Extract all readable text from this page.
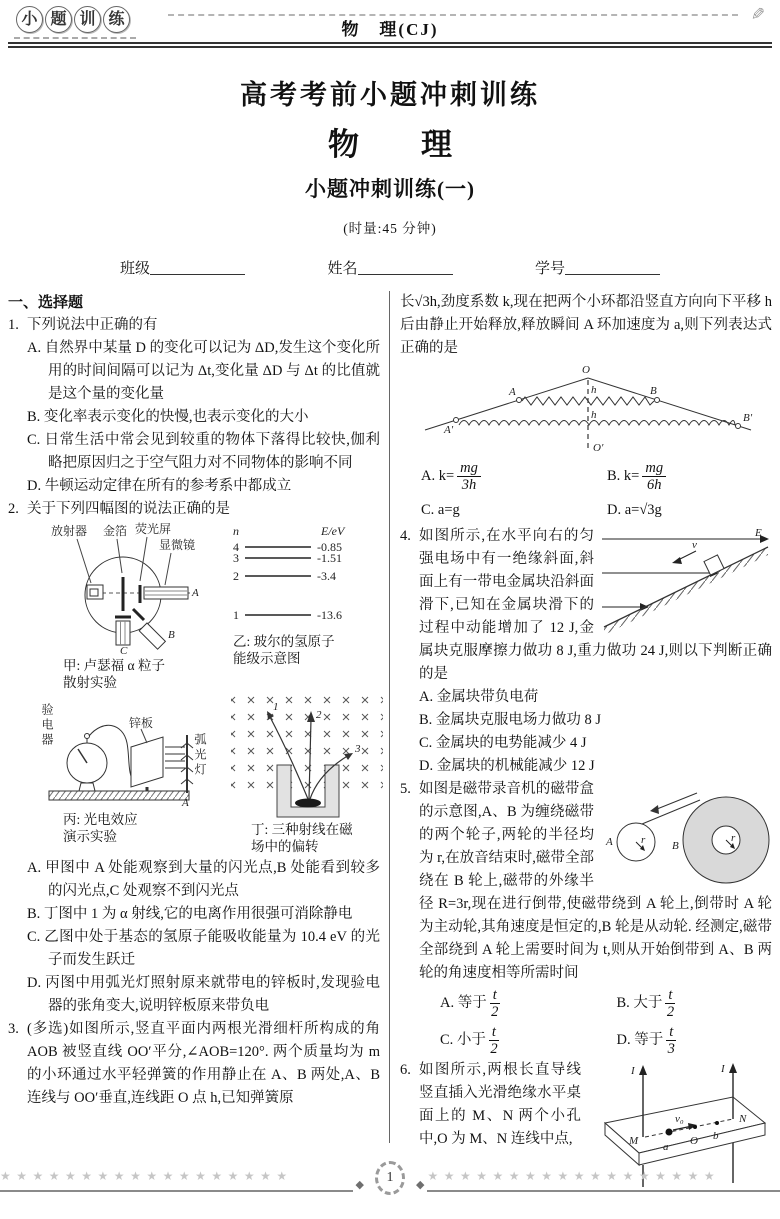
小 题 训 练	✎
物　理(CJ)
高考考前小题冲刺训练
物　　理
小题冲刺训练(一)
(时量:45 分钟)
班级	姓名	学号
一、选择题
1. 下列说法中正确的有
A. 自然界中某量 D 的变化可以记为 ΔD,发生这个变化所用的时间间隔可以记为 Δt,变化量 ΔD 与 Δt 的比值就是这个量的变化量
B. 变化率表示变化的快慢,也表示变化的大小
C. 日常生活中常会见到较重的物体下落得比较快,伽利略把原因归之于空气阻力对不同物体的影响不同
D. 牛顿运动定律在所有的参考系中都成立
2. 关于下列四幅图的说法正确的是
放射器 金箔 荧光屏
显微镜
A
B
C
甲: 卢瑟福 α 粒子
散射实验
n	E/eV
4
3
2
1
-0.85
-1.51
-3.4
-13.6
乙: 玻尔的氢原子
能级示意图
验电器	锌板
弧光灯
A
丙: 光电效应
演示实验
1
2
3
丁: 三种射线在磁
场中的偏转
A. 甲图中 A 处能观察到大量的闪光点,B 处能看到较多的闪光点,C 处观察不到闪光点
B. 丁图中 1 为 α 射线,它的电离作用很强可消除静电
C. 乙图中处于基态的氢原子能吸收能量为 10.4 eV 的光子而发生跃迁
D. 丙图中用弧光灯照射原来就带电的锌板时,发现验电器的张角变大,说明锌板原来带负电
3. (多选)如图所示,竖直平面内两根光滑细杆所构成的角 AOB 被竖直线 OO′平分,∠AOB=120°. 两个质量均为 m 的小环通过水平轻弹簧的作用静止在 A、B 两处,A、B 连线与 OO′垂直,连线距 O 点 h,已知弹簧原
长√3h,劲度系数 k,现在把两个小环都沿竖直方向向下平移 h 后由静止开始释放,释放瞬间 A 环加速度为 a,则下列表达式正确的是
O
A	B
A′
B′
h
h
O′
A. $k= \frac{mg}{3h}$	B. $k= \frac{mg}{6h}$
C. a=g	D. a=√3g
4.
v
E
如图所示,在水平向右的匀强电场中有一绝缘斜面,斜面上有一带电金属块沿斜面滑下,已知在金属块滑下的过程中动能增加了 12 J,金属块克服摩擦力做功 8 J,重力做功 24 J,则以下判断正确的是
A. 金属块带负电荷
B. 金属块克服电场力做功 8 J
C. 金属块的电势能减少 4 J
D. 金属块的机械能减少 12 J
5.
A	B
r	r
如图是磁带录音机的磁带盒的示意图,A、B 为缠绕磁带的两个轮子,两轮的半径均为 r,在放音结束时,磁带全部绕在 B 轮上,磁带的外缘半径 R=3r,现在进行倒带,使磁带绕到 A 轮上,倒带时 A 轮为主动轮,其角速度是恒定的,B 轮是从动轮. 经测定,磁带全部绕到 A 轮上需要时间为 t,则从开始倒带到 A、B 两轮的角速度相等所需时间
A. 等于 $\frac{t}{2}$	B. 大于 $\frac{t}{2}$
C. 小于 $\frac{t}{2}$	D. 等于 $\frac{t}{3}$
6.	I	I
M
N
a O b
v₀
如图所示,两根长直导线竖直插入光滑绝缘水平桌面上的 M、N 两个小孔中,O 为 M、N 连线中点,
★★★★★★★★★★★★★★★★★★
◆	1	◆
★★★★★★★★★★★★★★★★★★
